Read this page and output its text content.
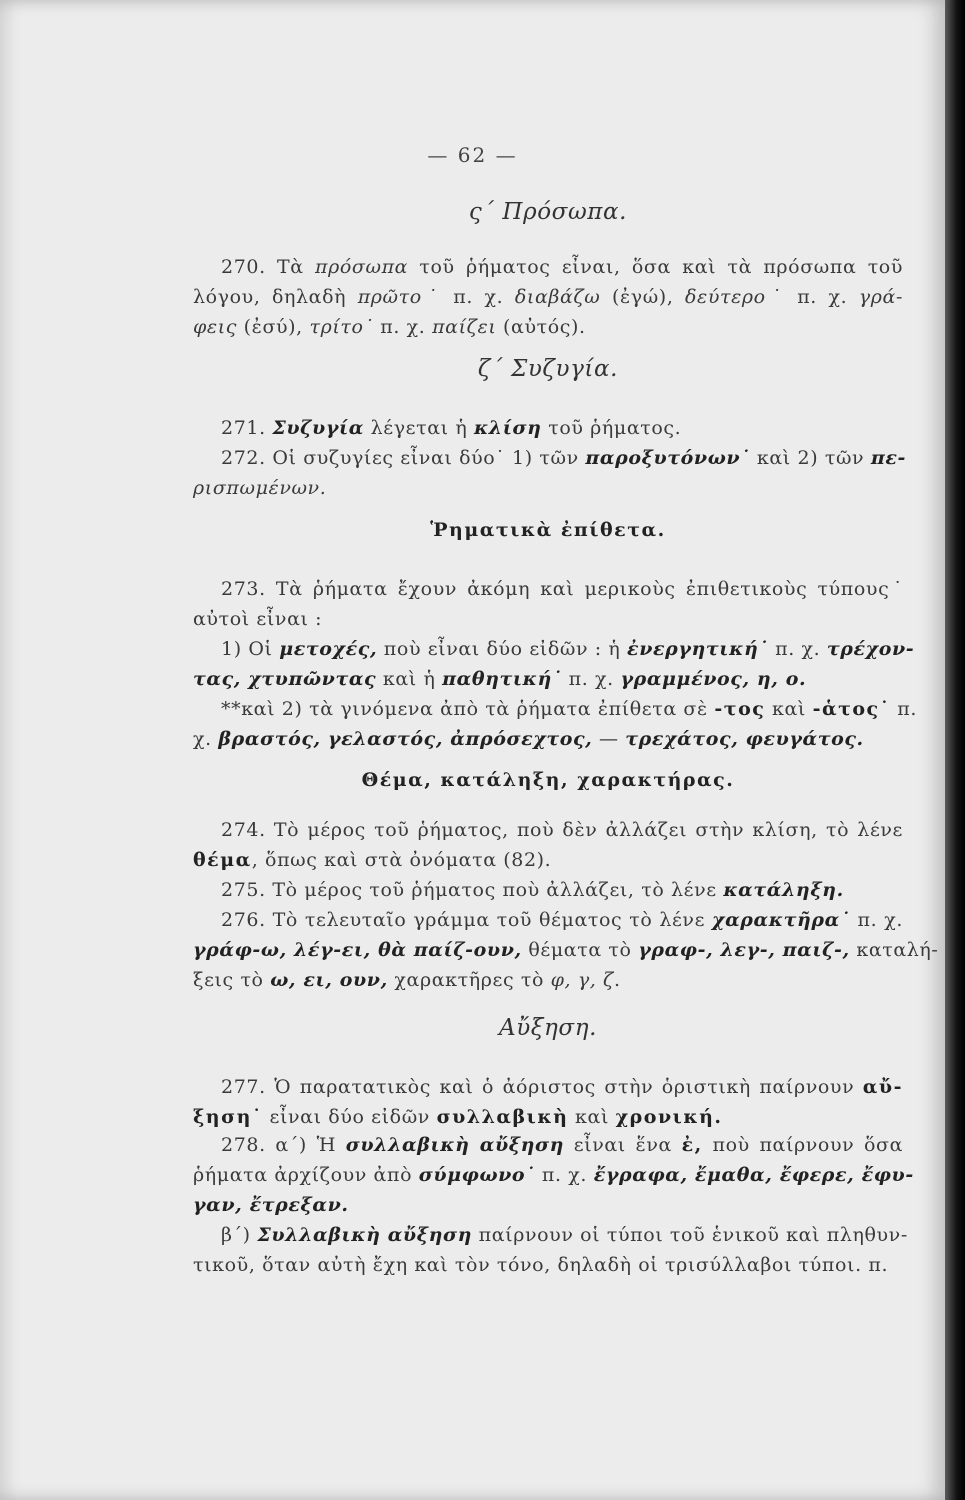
— 62 —

ς΄ Πρόσωπα.

270. Τὰ πρόσωπα τοῦ ῥήματος εἶναι, ὅσα καὶ τὰ πρόσωπα τοῦ

λόγου, δηλαδὴ πρῶτο˙ π. χ. διαβάζω (ἐγώ), δεύτερο˙ π. χ. γρά-

φεις (ἐσύ), τρίτο˙ π. χ. παίζει (αὐτός).

ζ΄ Συζυγία.

271. Συζυγία λέγεται ἡ κλίση τοῦ ῥήματος.

272. Οἱ συζυγίες εἶναι δύο˙ 1) τῶν παροξυτόνων˙ καὶ 2) τῶν πε-

ρισπωμένων.

Ῥηματικὰ ἐπίθετα.

273. Τὰ ῥήματα ἔχουν ἀκόμη καὶ μερικοὺς ἐπιθετικοὺς τύπους˙

αὐτοὶ εἶναι :

1) Οἱ μετοχές, ποὺ εἶναι δύο εἰδῶν : ἡ ἐνεργητική˙ π. χ. τρέχον-

τας, χτυπῶντας καὶ ἡ παθητική˙ π. χ. γραμμένος, η, ο.

**καὶ 2) τὰ γινόμενα ἀπὸ τὰ ῥήματα ἐπίθετα σὲ -τος καὶ -ἁτος˙ π.

χ. βραστός, γελαστός, ἀπρόσεχτος, — τρεχάτος, φευγάτος.

Θέμα, κατάληξη, χαρακτήρας.

274. Τὸ μέρος τοῦ ῥήματος, ποὺ δὲν ἀλλάζει στὴν κλίση, τὸ λένε

θέμα, ὅπως καὶ στὰ ὀνόματα (82).

275. Τὸ μέρος τοῦ ῥήματος ποὺ ἀλλάζει, τὸ λένε κατάληξη.

276. Τὸ τελευταῖο γράμμα τοῦ θέματος τὸ λένε χαρακτῆρα˙ π. χ.

γράφ-ω, λέγ-ει, θὰ παίζ-ουν, θέματα τὸ γραφ-, λεγ-, παιζ-, καταλή-

ξεις τὸ ω, ει, ουν, χαρακτῆρες τὸ φ, γ, ζ.

Αὔξηση.

277. Ὁ παρατατικὸς καὶ ὁ ἀόριστος στὴν ὁριστικὴ παίρνουν αὔ-

ξηση˙ εἶναι δύο εἰδῶν συλλαβικὴ καὶ χρονική.

278. α΄) Ἡ συλλαβικὴ αὔξηση εἶναι ἕνα ἐ, ποὺ παίρνουν ὅσα

ῥήματα ἀρχίζουν ἀπὸ σύμφωνο˙ π. χ. ἔγραφα, ἔμαθα, ἔφερε, ἔφυ-

γαν, ἔτρεξαν.

β΄) Συλλαβικὴ αὔξηση παίρνουν οἱ τύποι τοῦ ἑνικοῦ καὶ πληθυν-

τικοῦ, ὅταν αὐτὴ ἔχη καὶ τὸν τόνο, δηλαδὴ οἱ τρισύλλαβοι τύποι. π.
